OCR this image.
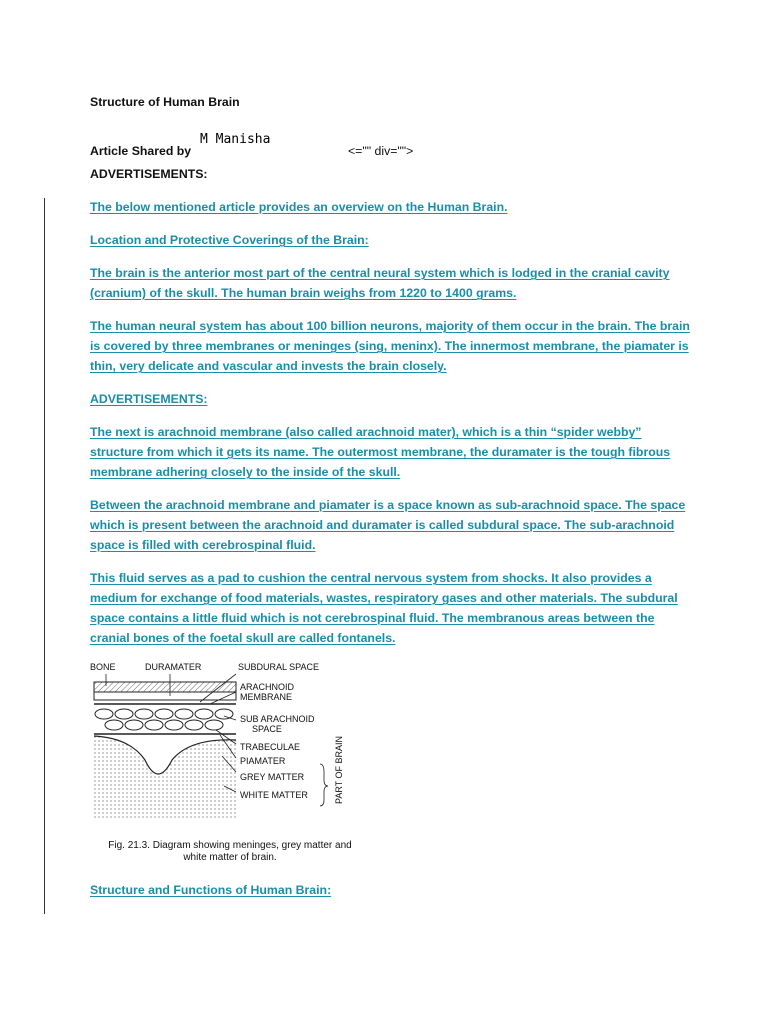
Structure of Human Brain

Article Shared by
M Manisha
<="" div="">

ADVERTISEMENTS:

The below mentioned article provides an overview on the Human Brain.

Location and Protective Coverings of the Brain:

The brain is the anterior most part of the central neural system which is lodged in the cranial cavity (cranium) of the skull. The human brain weighs from 1220 to 1400 grams.

The human neural system has about 100 billion neurons, majority of them occur in the brain. The brain is covered by three membranes or meninges (sing, meninx). The innermost membrane, the piamater is thin, very delicate and vascular and invests the brain closely.

ADVERTISEMENTS:

The next is arachnoid membrane (also called arachnoid mater), which is a thin “spider webby” structure from which it gets its name. The outermost membrane, the duramater is the tough fibrous membrane adhering closely to the inside of the skull.

Between the arachnoid membrane and piamater is a space known as sub-arachnoid space. The space which is present between the arachnoid and duramater is called subdural space. The sub-arachnoid space is filled with cerebrospinal fluid.

This fluid serves as a pad to cushion the central nervous system from shocks. It also provides a medium for exchange of food materials, wastes, respiratory gases and other materials. The subdural space contains a little fluid which is not cerebrospinal fluid. The membranous areas between the cranial bones of the foetal skull are called fontanels.

BONE	DURAMATER	SUBDURAL SPACE
ARACHNOID
MEMBRANE
SUB ARACHNOID
SPACE
TRABECULAE
PIAMATER
GREY MATTER
WHITE MATTER	PART OF BRAIN
Fig. 21.3. Diagram showing meninges, grey matter and white matter of brain.

Structure and Functions of Human Brain:
